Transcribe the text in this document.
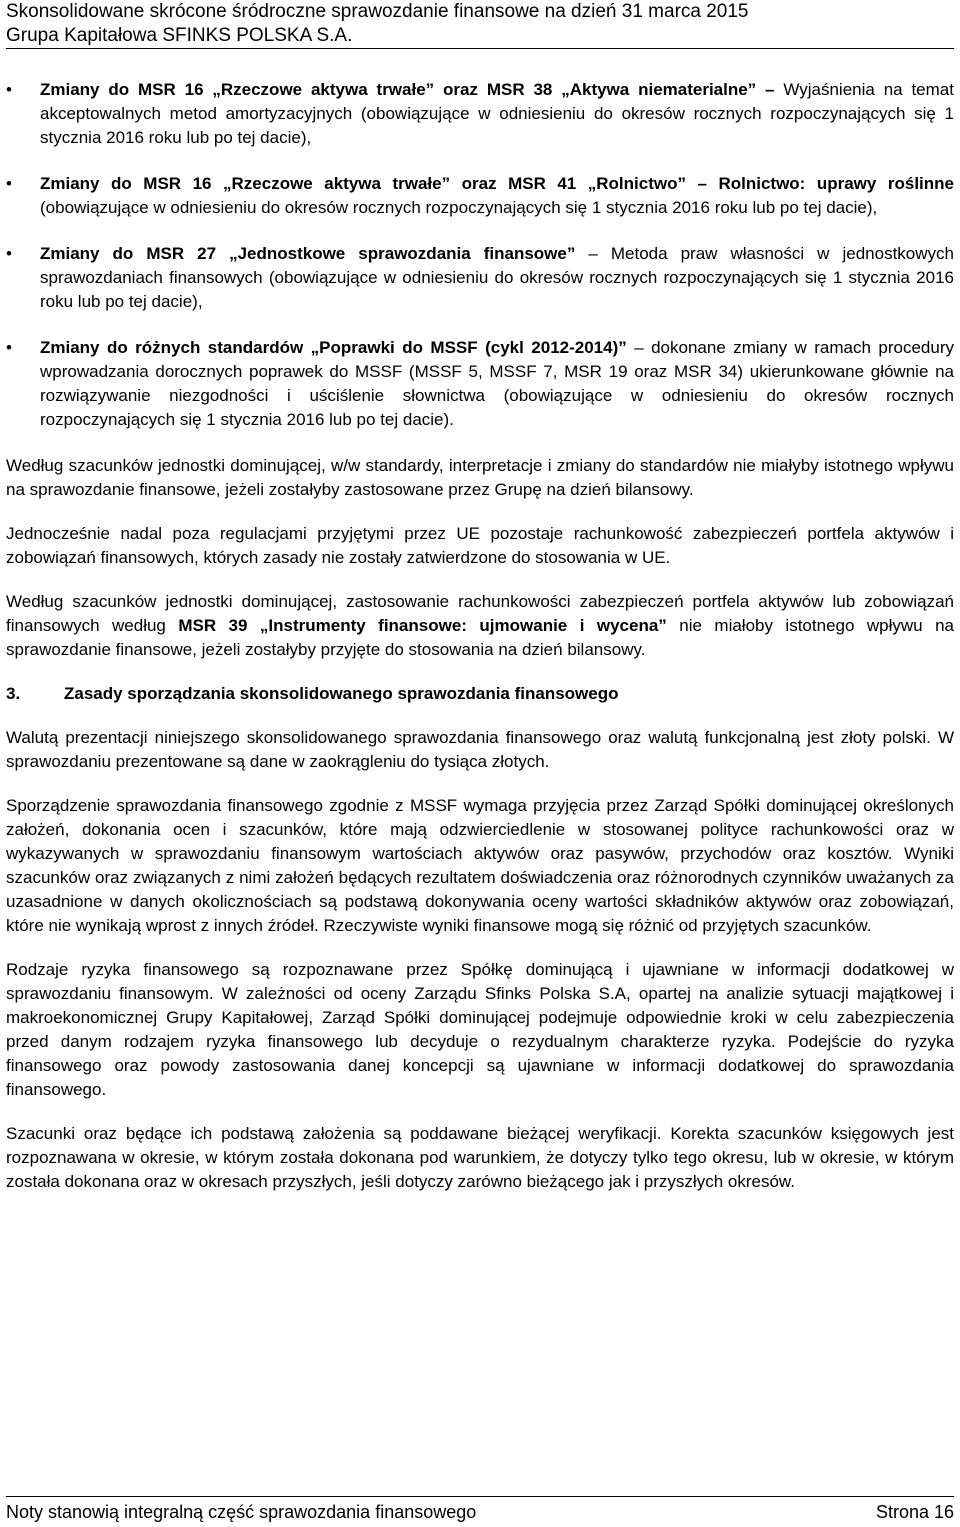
Skonsolidowane skrócone śródroczne sprawozdanie finansowe na dzień 31 marca 2015
Grupa Kapitałowa SFINKS POLSKA S.A.
• Zmiany do MSR 16 „Rzeczowe aktywa trwałe” oraz MSR 38 „Aktywa niematerialne” – Wyjaśnienia na temat akceptowalnych metod amortyzacyjnych (obowiązujące w odniesieniu do okresów rocznych rozpoczynających się 1 stycznia 2016 roku lub po tej dacie),
• Zmiany do MSR 16 „Rzeczowe aktywa trwałe” oraz MSR 41 „Rolnictwo” – Rolnictwo: uprawy roślinne (obowiązujące w odniesieniu do okresów rocznych rozpoczynających się 1 stycznia 2016 roku lub po tej dacie),
• Zmiany do MSR 27 „Jednostkowe sprawozdania finansowe” – Metoda praw własności w jednostkowych sprawozdaniach finansowych (obowiązujące w odniesieniu do okresów rocznych rozpoczynających się 1 stycznia 2016 roku lub po tej dacie),
• Zmiany do różnych standardów „Poprawki do MSSF (cykl 2012-2014)” – dokonane zmiany w ramach procedury wprowadzania dorocznych poprawek do MSSF (MSSF 5, MSSF 7, MSR 19 oraz MSR 34) ukierunkowane głównie na rozwiązywanie niezgodności i uściślenie słownictwa (obowiązujące w odniesieniu do okresów rocznych rozpoczynających się 1 stycznia 2016 lub po tej dacie).

Według szacunków jednostki dominującej, w/w standardy, interpretacje i zmiany do standardów nie miałyby istotnego wpływu na sprawozdanie finansowe, jeżeli zostałyby zastosowane przez Grupę na dzień bilansowy.

Jednocześnie nadal poza regulacjami przyjętymi przez UE pozostaje rachunkowość zabezpieczeń portfela aktywów i zobowiązań finansowych, których zasady nie zostały zatwierdzone do stosowania w UE.

Według szacunków jednostki dominującej, zastosowanie rachunkowości zabezpieczeń portfela aktywów lub zobowiązań finansowych według MSR 39 „Instrumenty finansowe: ujmowanie i wycena” nie miałoby istotnego wpływu na sprawozdanie finansowe, jeżeli zostałyby przyjęte do stosowania na dzień bilansowy.

3.	Zasady sporządzania skonsolidowanego sprawozdania finansowego

Walutą prezentacji niniejszego skonsolidowanego sprawozdania finansowego oraz walutą funkcjonalną jest złoty polski. W sprawozdaniu prezentowane są dane w zaokrągleniu do tysiąca złotych.

Sporządzenie sprawozdania finansowego zgodnie z MSSF wymaga przyjęcia przez Zarząd Spółki dominującej określonych założeń, dokonania ocen i szacunków, które mają odzwierciedlenie w stosowanej polityce rachunkowości oraz w wykazywanych w sprawozdaniu finansowym wartościach aktywów oraz pasywów, przychodów oraz kosztów. Wyniki szacunków oraz związanych z nimi założeń będących rezultatem doświadczenia oraz różnorodnych czynników uważanych za uzasadnione w danych okolicznościach są podstawą dokonywania oceny wartości składników aktywów oraz zobowiązań, które nie wynikają wprost z innych źródeł. Rzeczywiste wyniki finansowe mogą się różnić od przyjętych szacunków.

Rodzaje ryzyka finansowego są rozpoznawane przez Spółkę dominującą i ujawniane w informacji dodatkowej w sprawozdaniu finansowym. W zależności od oceny Zarządu Sfinks Polska S.A, opartej na analizie sytuacji majątkowej i makroekonomicznej Grupy Kapitałowej, Zarząd Spółki dominującej podejmuje odpowiednie kroki w celu zabezpieczenia przed danym rodzajem ryzyka finansowego lub decyduje o rezydualnym charakterze ryzyka. Podejście do ryzyka finansowego oraz powody zastosowania danej koncepcji są ujawniane w informacji dodatkowej do sprawozdania finansowego.

Szacunki oraz będące ich podstawą założenia są poddawane bieżącej weryfikacji. Korekta szacunków księgowych jest rozpoznawana w okresie, w którym została dokonana pod warunkiem, że dotyczy tylko tego okresu, lub w okresie, w którym została dokonana oraz w okresach przyszłych, jeśli dotyczy zarówno bieżącego jak i przyszłych okresów.

Noty stanowią integralną część sprawozdania finansowego	Strona 16
